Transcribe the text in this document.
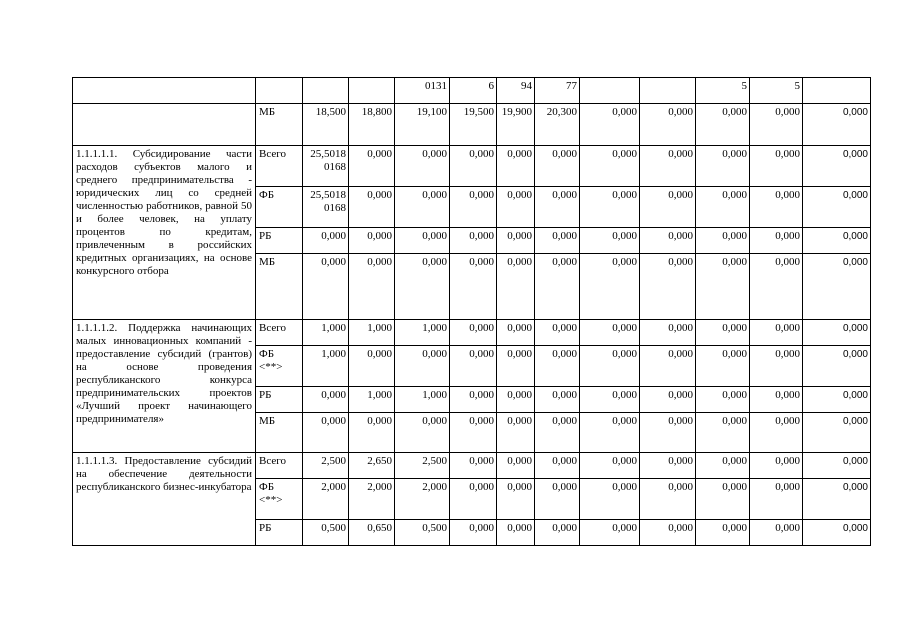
				0131	6	94	77			5	5	
	МБ	18,500	18,800	19,100	19,500	19,900	20,300	0,000	0,000	0,000	0,000	0,000
1.1.1.1.1. Субсидирование части расходов субъектов малого и среднего предпринимательства - юридических лиц со средней численностью работников, равной 50 и более человек, на уплату процентов по кредитам, привлеченным в российских кредитных организациях, на основе конкурсного отбора	Всего	25,50180168	0,000	0,000	0,000	0,000	0,000	0,000	0,000	0,000	0,000	0,000
	ФБ	25,50180168	0,000	0,000	0,000	0,000	0,000	0,000	0,000	0,000	0,000	0,000
	РБ	0,000	0,000	0,000	0,000	0,000	0,000	0,000	0,000	0,000	0,000	0,000
	МБ	0,000	0,000	0,000	0,000	0,000	0,000	0,000	0,000	0,000	0,000	0,000
1.1.1.1.2. Поддержка начинающих малых инновационных компаний - предоставление субсидий (грантов) на основе проведения республиканского конкурса предпринимательских проектов «Лучший проект начинающего предпринимателя»	Всего	1,000	1,000	1,000	0,000	0,000	0,000	0,000	0,000	0,000	0,000	0,000
	ФБ <**>	1,000	0,000	0,000	0,000	0,000	0,000	0,000	0,000	0,000	0,000	0,000
	РБ	0,000	1,000	1,000	0,000	0,000	0,000	0,000	0,000	0,000	0,000	0,000
	МБ	0,000	0,000	0,000	0,000	0,000	0,000	0,000	0,000	0,000	0,000	0,000
1.1.1.1.3. Предоставление субсидий на обеспечение деятельности республиканского бизнес-инкубатора	Всего	2,500	2,650	2,500	0,000	0,000	0,000	0,000	0,000	0,000	0,000	0,000
	ФБ <**>	2,000	2,000	2,000	0,000	0,000	0,000	0,000	0,000	0,000	0,000	0,000
	РБ	0,500	0,650	0,500	0,000	0,000	0,000	0,000	0,000	0,000	0,000	0,000
